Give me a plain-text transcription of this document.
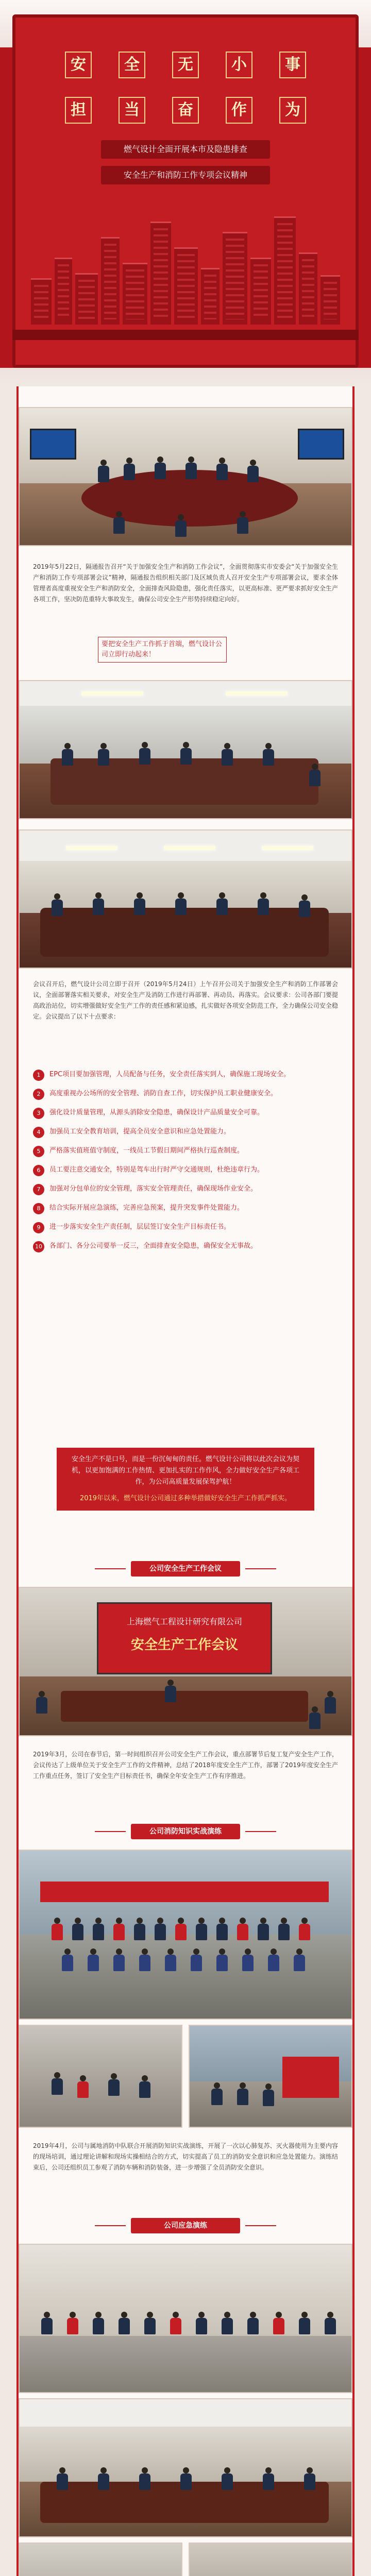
安	全	无	小	事
担	当	奋	作	为
燃气设计全面开展本市及隐患排查
安全生产和消防工作专项会议精神
2019年5月22日，隔通报告召开“关于加强安全生产和消防工作会议”，全面贯彻落实市安委会“关于加强安全生产和消防工作专项部署会议”精神，隔通报告组织相关部门及区域负责人召开安全生产专项部署会议，要求全体管理者高度重视安全生产和消防安全，全面排查风险隐患，强化责任落实，以更高标准、更严要求抓好安全生产各项工作，坚决防范重特大事故发生，确保公司安全生产形势持续稳定向好。
要把安全生产工作抓于首端，燃气设计公司立即行动起来！
会议召开后，燃气设计公司立即于召开（2019年5月24日）上午召开公司关于加强安全生产和消防工作部署会议，全面部署落实相关要求，对安全生产及消防工作进行再部署、再动员、再落实。会议要求：公司各部门要提高政治站位，切实增强做好安全生产工作的责任感和紧迫感，扎实做好各项安全防范工作，全力确保公司安全稳定。会议提出了以下十点要求：
1	EPC项目要加强管理，人员配备与任务，安全责任落实到人，确保施工现场安全。
2	高度重视办公场所的安全管理、消防自查工作，切实保护员工职业健康安全。
3	强化设计质量管理，从源头消除安全隐患，确保设计产品质量安全可靠。
4	加强员工安全教育培训，提高全员安全意识和应急处置能力。
5	严格落实值班值守制度，一线员工节假日期间严格执行巡查制度。
6	员工要注意交通安全，特别是驾车出行时严守交通规则，杜绝违章行为。
7	加强对分包单位的安全管理，落实安全管理责任，确保现场作业安全。
8	结合实际开展应急演练，完善应急预案，提升突发事件处置能力。
9	进一步落实安全生产责任制，层层签订安全生产目标责任书。
10	各部门、各分公司要举一反三，全面排查安全隐患，确保安全无事故。
安全生产不是口号，而是一份沉甸甸的责任。燃气设计公司将以此次会议为契机，以更加饱满的工作热情、更加扎实的工作作风，全力做好安全生产各项工作，为公司高质量发展保驾护航！
2019年以来，燃气设计公司通过多种举措做好安全生产工作抓严抓实。
公司安全生产工作会议
上海燃气工程设计研究有限公司
安全生产工作会议
2019年3月，公司在春节后，第一时间组织召开公司安全生产工作会议，重点部署节后复工复产安全生产工作，会议传达了上级单位关于安全生产工作的文件精神，总结了2018年度安全生产工作，部署了2019年度安全生产工作重点任务，签订了安全生产目标责任书，确保全年安全生产工作有序推进。
公司消防知识实战演练
2019年4月，公司与属地消防中队联合开展消防知识实战演练，开展了一次以心肺复苏、灭火器使用为主要内容的现场培训，通过理论讲解和现场实操相结合的方式，切实提高了员工的消防安全意识和应急处置能力。演练结束后，公司还组织员工参观了消防车辆和消防装备，进一步增强了全员消防安全意识。
公司应急演练
